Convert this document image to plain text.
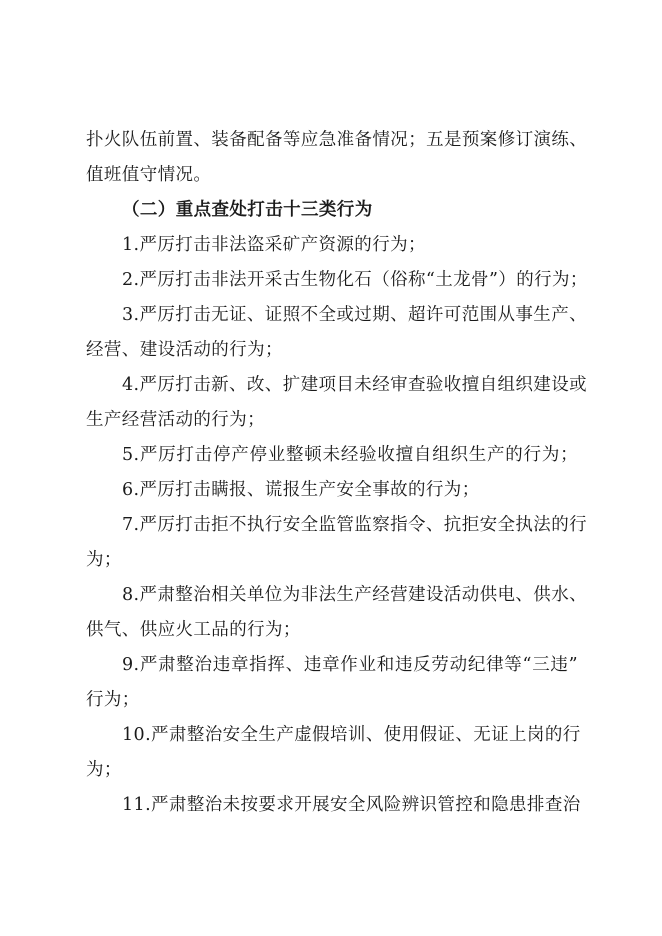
扑火队伍前置、装备配备等应急准备情况；五是预案修订演练、
值班值守情况。
（二）重点查处打击十三类行为
1.严厉打击非法盗采矿产资源的行为；
2.严厉打击非法开采古生物化石（俗称“土龙骨”）的行为；
3.严厉打击无证、证照不全或过期、超许可范围从事生产、
经营、建设活动的行为；
4.严厉打击新、改、扩建项目未经审查验收擅自组织建设或
生产经营活动的行为；
5.严厉打击停产停业整顿未经验收擅自组织生产的行为；
6.严厉打击瞒报、谎报生产安全事故的行为；
7.严厉打击拒不执行安全监管监察指令、抗拒安全执法的行
为；
8.严肃整治相关单位为非法生产经营建设活动供电、供水、
供气、供应火工品的行为；
9.严肃整治违章指挥、违章作业和违反劳动纪律等“三违”
行为；
10.严肃整治安全生产虚假培训、使用假证、无证上岗的行
为；
11.严肃整治未按要求开展安全风险辨识管控和隐患排查治
